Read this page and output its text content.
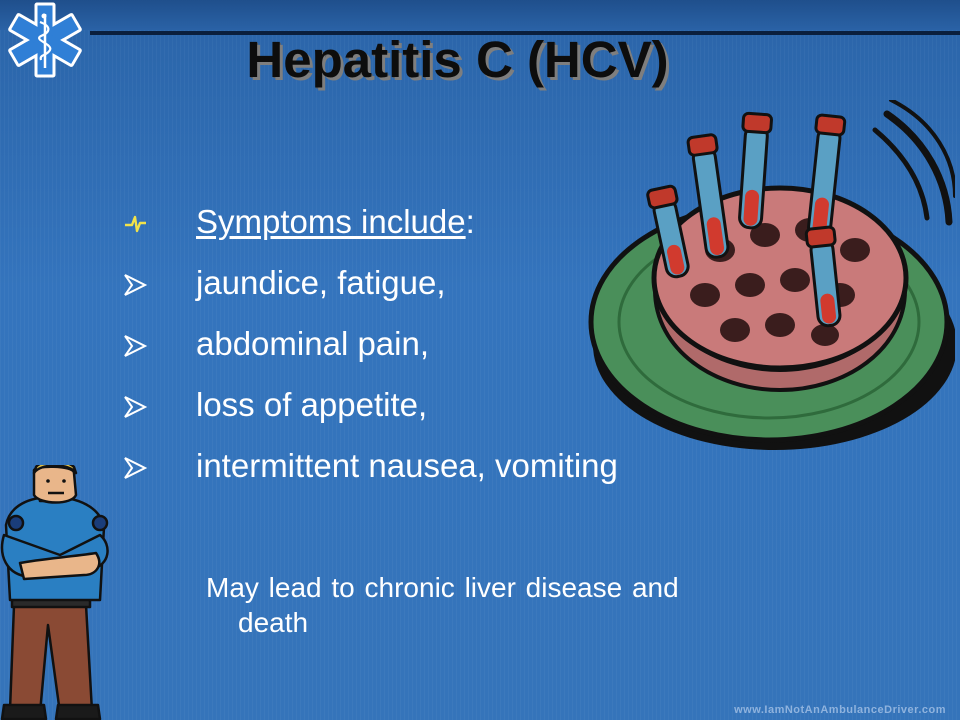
Hepatitis C (HCV)
Symptoms include:
jaundice, fatigue,
abdominal pain,
loss of appetite,
intermittent nausea, vomiting
May lead to chronic liver disease and
death
www.IamNotAnAmbulanceDriver.com
